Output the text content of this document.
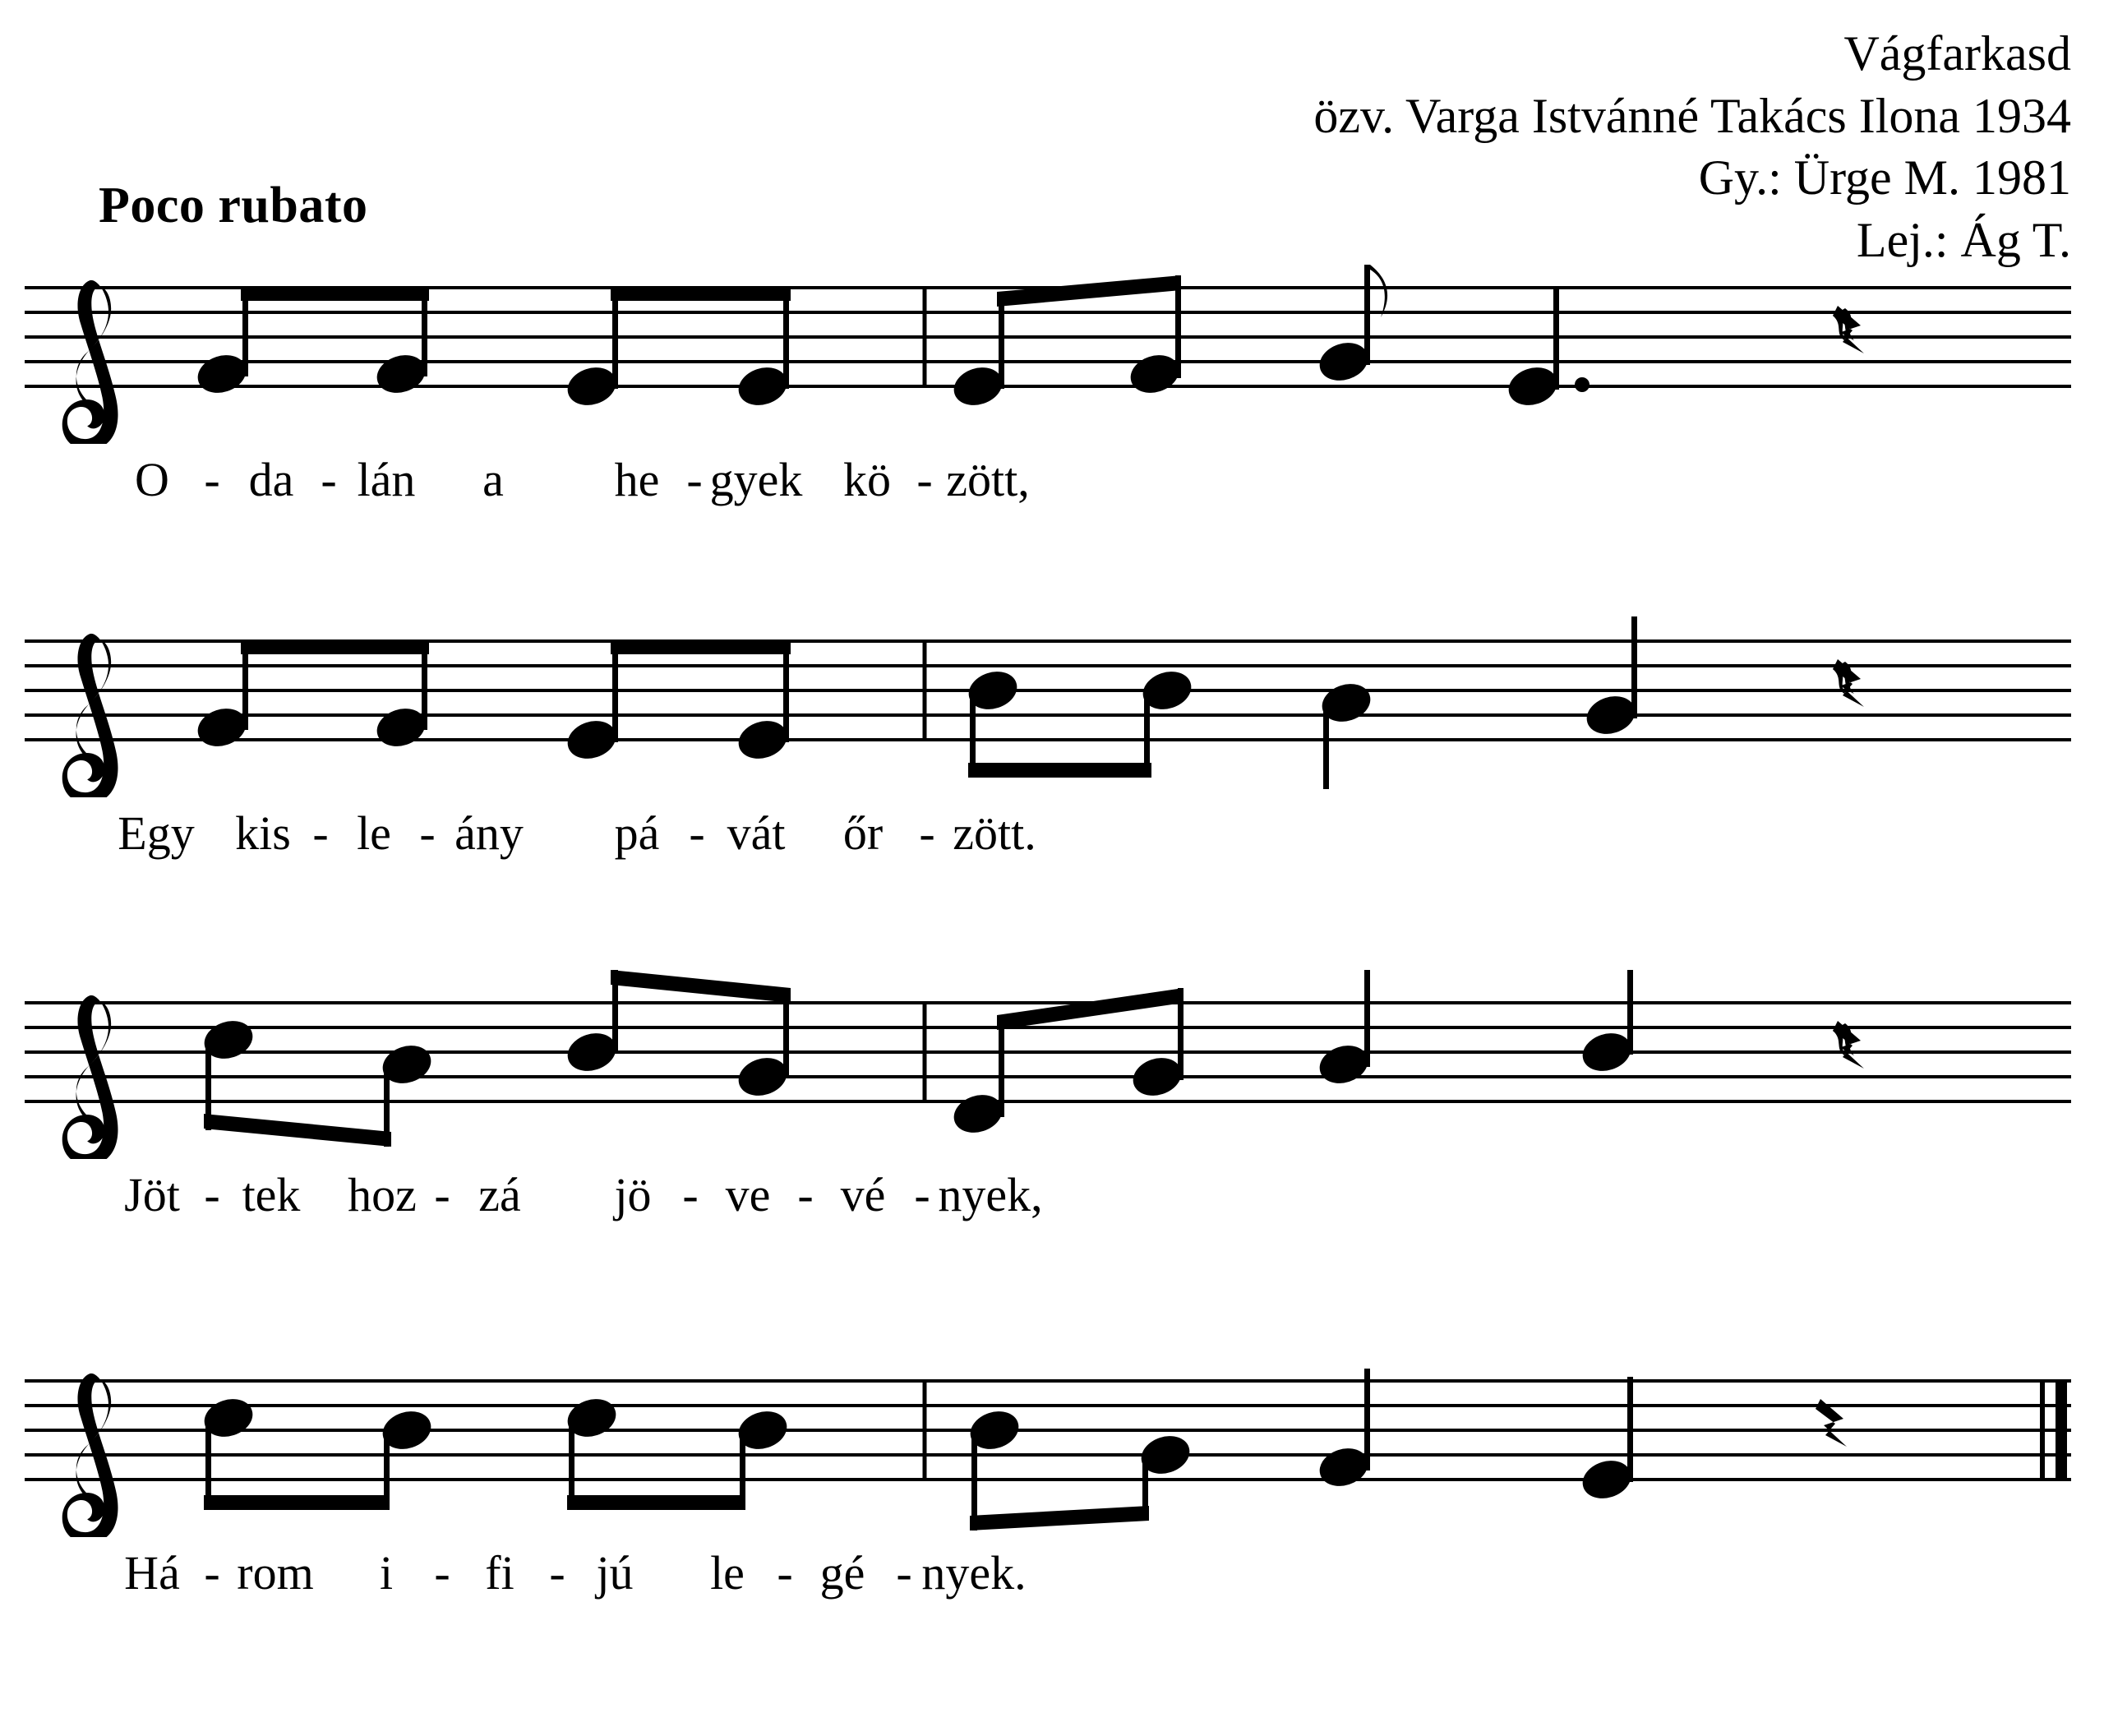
Vágfarkasd
özv. Varga Istvánné Takács Ilona 1934
Gy.: Ürge M. 1981
Lej.: Ág T.
Poco rubato
O - da - lán a he - gyek kö - zött,
Egy kis - le - ány pá - vát őr - zött.
Jöt - tek hoz - zá jö - ve - vé - nyek,
Há - rom i - fi - jú le - gé - nyek.
